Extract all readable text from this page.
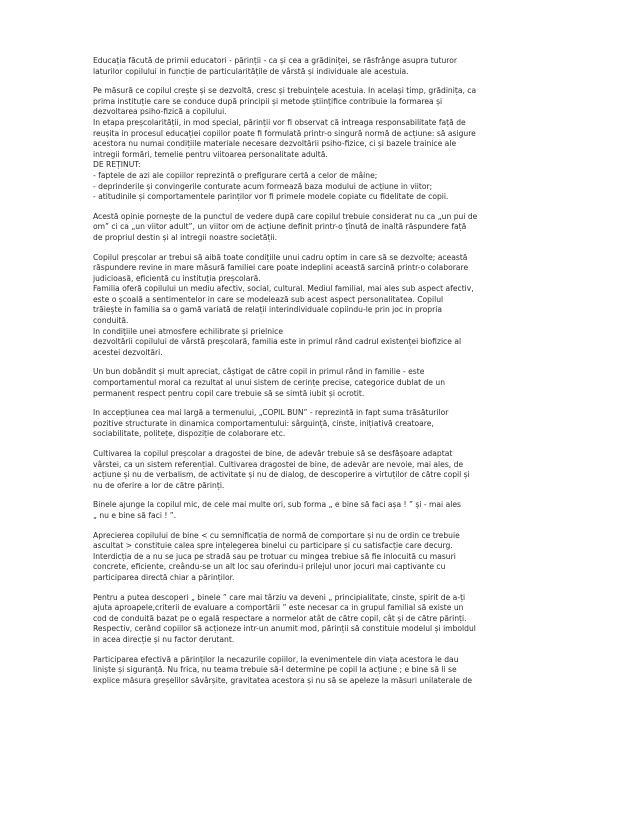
Educația făcută de primii educatori - părinții - ca și cea a grădiniței, se răsfrânge asupra tuturor
laturilor copilului in funcție de particularitățile de vârstă și individuale ale acestuia.
Pe măsură ce copilul crește și se dezvoltă, cresc și trebuințele acestuia. In același timp, grădinița, ca
prima instituție care se conduce după principii și metode științifice contribuie la formarea și
dezvoltarea psiho-fizică a copilului.
In etapa preșcolarității, in mod special, părinții vor fi observat că intreaga responsabilitate față de
reușita in procesul educației copiilor poate fi formulată printr-o singură normă de acțiune: să asigure
acestora nu numai condițiile materiale necesare dezvoltării psiho-fizice, ci și bazele trainice ale
intregii formări, temelie pentru viitoarea personalitate adultă.
DE REȚINUT:
- faptele de azi ale copiilor reprezintă o prefigurare certă a celor de mâine;
- deprinderile și convingerile conturate acum formează baza modului de acțiune in viitor;
- atitudinile și comportamentele parinților vor fi primele modele copiate cu fidelitate de copii.
Acestă opinie pornește de la punctul de vedere după care copilul trebuie considerat nu ca „un pui de
om” ci ca „un viitor adult”, un viitor om de acțiune definit printr-o țînută de inaltă răspundere față
de propriul destin și al intregii noastre societății.
Copilul preșcolar ar trebui să aibă toate condițiile unui cadru optim in care să se dezvolte; această
răspundere revine in mare măsură familiei care poate indeplini această sarcină printr-o colaborare
judicioasă, eficientă cu instituția preșcolară.
Familia oferă copilului un mediu afectiv, social, cultural. Mediul familial, mai ales sub aspect afectiv,
este o școală a sentimentelor in care se modelează sub acest aspect personalitatea. Copilul
trăiește in familia sa o gamă variată de relații interindividuale copiindu-le prin joc in propria
conduită.
In condițiile unei atmosfere echilibrate și prielnice
dezvoltării copilului de vârstă preșcolară, familia este in primul rând cadrul existenței biofizice al
acestei dezvoltări.
Un bun dobândit și mult apreciat, câștigat de către copil in primul rând in familie - este
comportamentul moral ca rezultat al unui sistem de cerințe precise, categorice dublat de un
permanent respect pentru copil care trebuie să se simtă iubit și ocrotit.
In accepțiunea cea mai largă a termenului, „COPIL BUN” - reprezintă in fapt suma trăsăturilor
pozitive structurate in dinamica comportamentului: sârguință, cinste, inițiativă creatoare,
sociabilitate, politețe, dispoziție de colaborare etc.
Cultivarea la copilul preșcolar a dragostei de bine, de adevăr trebuie să se desfășoare adaptat
vârstei, ca un sistem referențial. Cultivarea dragostei de bine, de adevăr are nevoie, mai ales, de
acțiune și nu de verbalism, de activitate și nu de dialog, de descoperire a virtuților de către copil și
nu de oferire a lor de către părinți.
Binele ajunge la copilul mic, de cele mai multe ori, sub forma „ e bine să faci așa ! ” și - mai ales
„ nu e bine să faci ! ”.
Aprecierea copilului de bine < cu semnificația de normă de comportare și nu de ordin ce trebuie
ascultat > constituie calea spre ințelegerea binelui cu participare și cu satisfacție care decurg.
Interdicția de a nu se juca pe stradă sau pe trotuar cu mingea trebiue să fie inlocuită cu masuri
concrete, eficiente, creându-se un alt loc sau oferindu-i prilejul unor jocuri mai captivante cu
participarea directă chiar a părinților.
Pentru a putea descoperi „ binele ” care mai târziu va deveni „ principialitate, cinste, spirit de a-ți
ajuta aproapele,criterii de evaluare a comportării ” este necesar ca in grupul familial să existe un
cod de conduită bazat pe o egală respectare a normelor atât de către copil, cât și de către părinți.
Respectiv, cerând copiilor să acționeze intr-un anumit mod, părinții să constituie modelul și imboldul
in acea direcție și nu factor derutant.
Participarea efectivă a părinților la necazurile copiilor, la evenimentele din viața acestora le dau
liniște și siguranță. Nu frica, nu teama trebuie să-l determine pe copil la acțiune ; e bine să li se
explice măsura greșelilor săvârșite, gravitatea acestora și nu să se apeleze la măsuri unilaterale de
